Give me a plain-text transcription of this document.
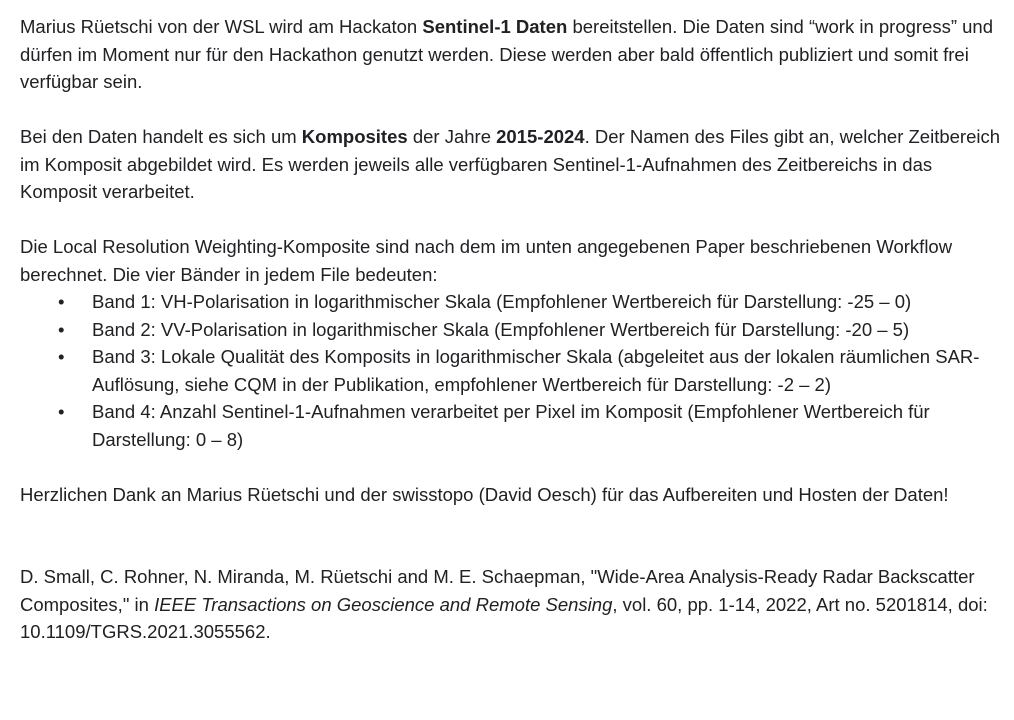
Marius Rüetschi von der WSL wird am Hackaton Sentinel-1 Daten bereitstellen. Die Daten sind “work in progress” und dürfen im Moment nur für den Hackathon genutzt werden. Diese werden aber bald öffentlich publiziert und somit frei verfügbar sein.

Bei den Daten handelt es sich um Komposites der Jahre 2015-2024. Der Namen des Files gibt an, welcher Zeitbereich im Komposit abgebildet wird. Es werden jeweils alle verfügbaren Sentinel-1-Aufnahmen des Zeitbereichs in das Komposit verarbeitet.

Die Local Resolution Weighting-Komposite sind nach dem im unten angegebenen Paper beschriebenen Workflow berechnet. Die vier Bänder in jedem File bedeuten:

• Band 1: VH-Polarisation in logarithmischer Skala (Empfohlener Wertbereich für Darstellung: -25 – 0)
• Band 2: VV-Polarisation in logarithmischer Skala (Empfohlener Wertbereich für Darstellung: -20 – 5)
• Band 3: Lokale Qualität des Komposits in logarithmischer Skala (abgeleitet aus der lokalen räumlichen SAR-Auflösung, siehe CQM in der Publikation, empfohlener Wertbereich für Darstellung: -2 – 2)
• Band 4: Anzahl Sentinel-1-Aufnahmen verarbeitet per Pixel im Komposit (Empfohlener Wertbereich für Darstellung: 0 – 8)

Herzlichen Dank an Marius Rüetschi und der swisstopo (David Oesch) für das Aufbereiten und Hosten der Daten!

D. Small, C. Rohner, N. Miranda, M. Rüetschi and M. E. Schaepman, "Wide-Area Analysis-Ready Radar Backscatter Composites," in IEEE Transactions on Geoscience and Remote Sensing, vol. 60, pp. 1-14, 2022, Art no. 5201814, doi: 10.1109/TGRS.2021.3055562.
